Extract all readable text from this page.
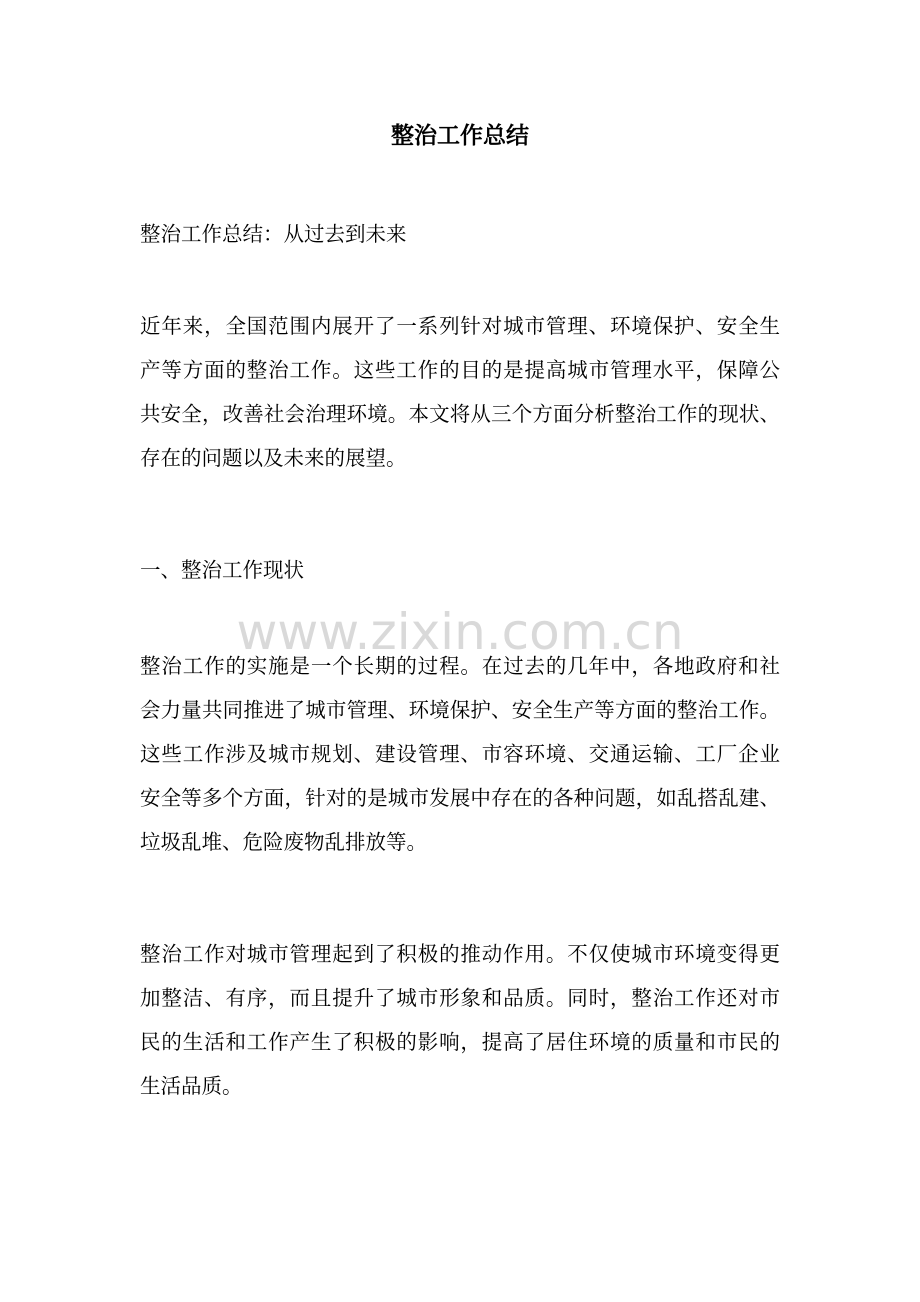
整治工作总结

整治工作总结：从过去到未来

近年来，全国范围内展开了一系列针对城市管理、环境保护、安全生

产等方面的整治工作。这些工作的目的是提高城市管理水平，保障公

共安全，改善社会治理环境。本文将从三个方面分析整治工作的现状、

存在的问题以及未来的展望。

一、整治工作现状

www.zixin.com.cn

整治工作的实施是一个长期的过程。在过去的几年中，各地政府和社

会力量共同推进了城市管理、环境保护、安全生产等方面的整治工作。

这些工作涉及城市规划、建设管理、市容环境、交通运输、工厂企业

安全等多个方面，针对的是城市发展中存在的各种问题，如乱搭乱建、

垃圾乱堆、危险废物乱排放等。

整治工作对城市管理起到了积极的推动作用。不仅使城市环境变得更

加整洁、有序，而且提升了城市形象和品质。同时，整治工作还对市

民的生活和工作产生了积极的影响，提高了居住环境的质量和市民的

生活品质。
